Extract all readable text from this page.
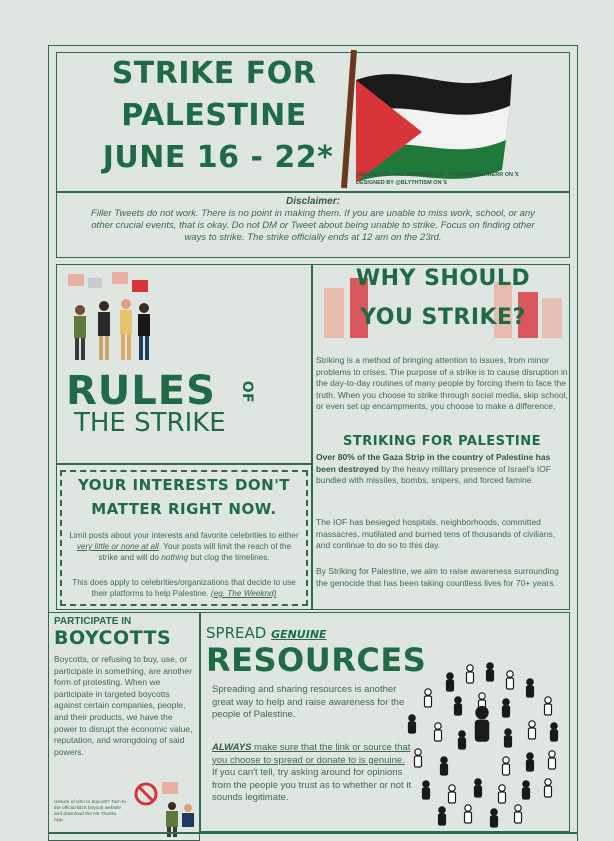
STRIKE FOR
PALESTINE
JUNE 16 - 22*	CALLED FOR AND ARRANGED BY @NADINEWARNERR ON 𝕏
DESIGNED BY @BLYTHTISM ON 𝕏
Disclaimer:
Filler Tweets do not work. There is no point in making them. If you are unable to miss work, school, or any other crucial events, that is okay. Do not DM or Tweet about being unable to strike. Focus on finding other ways to strike. The strike officially ends at 12 am on the 23rd.
RULES OF
THE STRIKE
WHY SHOULD
YOU STRIKE?
Striking is a method of bringing attention to issues, from minor problems to crises. The purpose of a strike is to cause disruption in the day-to-day routines of many people by forcing them to face the truth. When you choose to strike through social media, skip school, or even set up encampments, you choose to make a difference.
STRIKING FOR PALESTINE
Over 80% of the Gaza Strip in the country of Palestine has been destroyed by the heavy military presence of Israel's IOF bundled with missiles, bombs, snipers, and forced famine.
The IOF has besieged hospitals, neighborhoods, committed massacres, mutilated and burned tens of thousands of civilians, and continue to do so to this day.
By Striking for Palestine, we aim to raise awareness surrounding the genocide that has been taking countless lives for 70+ years.
YOUR INTERESTS DON'T
MATTER RIGHT NOW.
Limit posts about your interests and favorite celebrities to either very little or none at all. Your posts will limit the reach of the strike and will do nothing but clog the timelines.
This does apply to celebrities/organizations that decide to use their platforms to help Palestine. (eg. The Weeknd)
PARTICIPATE IN
BOYCOTTS
Boycotts, or refusing to buy, use, or participate in something, are another form of protesting. When we participate in targeted boycotts against certain companies, people, and their products, we have the power to disrupt the economic value, reputation, and wrongdoing of said powers.
Unsure of who to boycott? Turn to the official BDS boycott website and download the No Thanks App.
SPREAD GENUINE
RESOURCES
Spreading and sharing resources is another great way to help and raise awareness for the people of Palestine.
ALWAYS make sure that the link or source that you choose to spread or donate to is genuine. If you can't tell, try asking around for opinions from the people you trust as to whether or not it sounds legitimate.
